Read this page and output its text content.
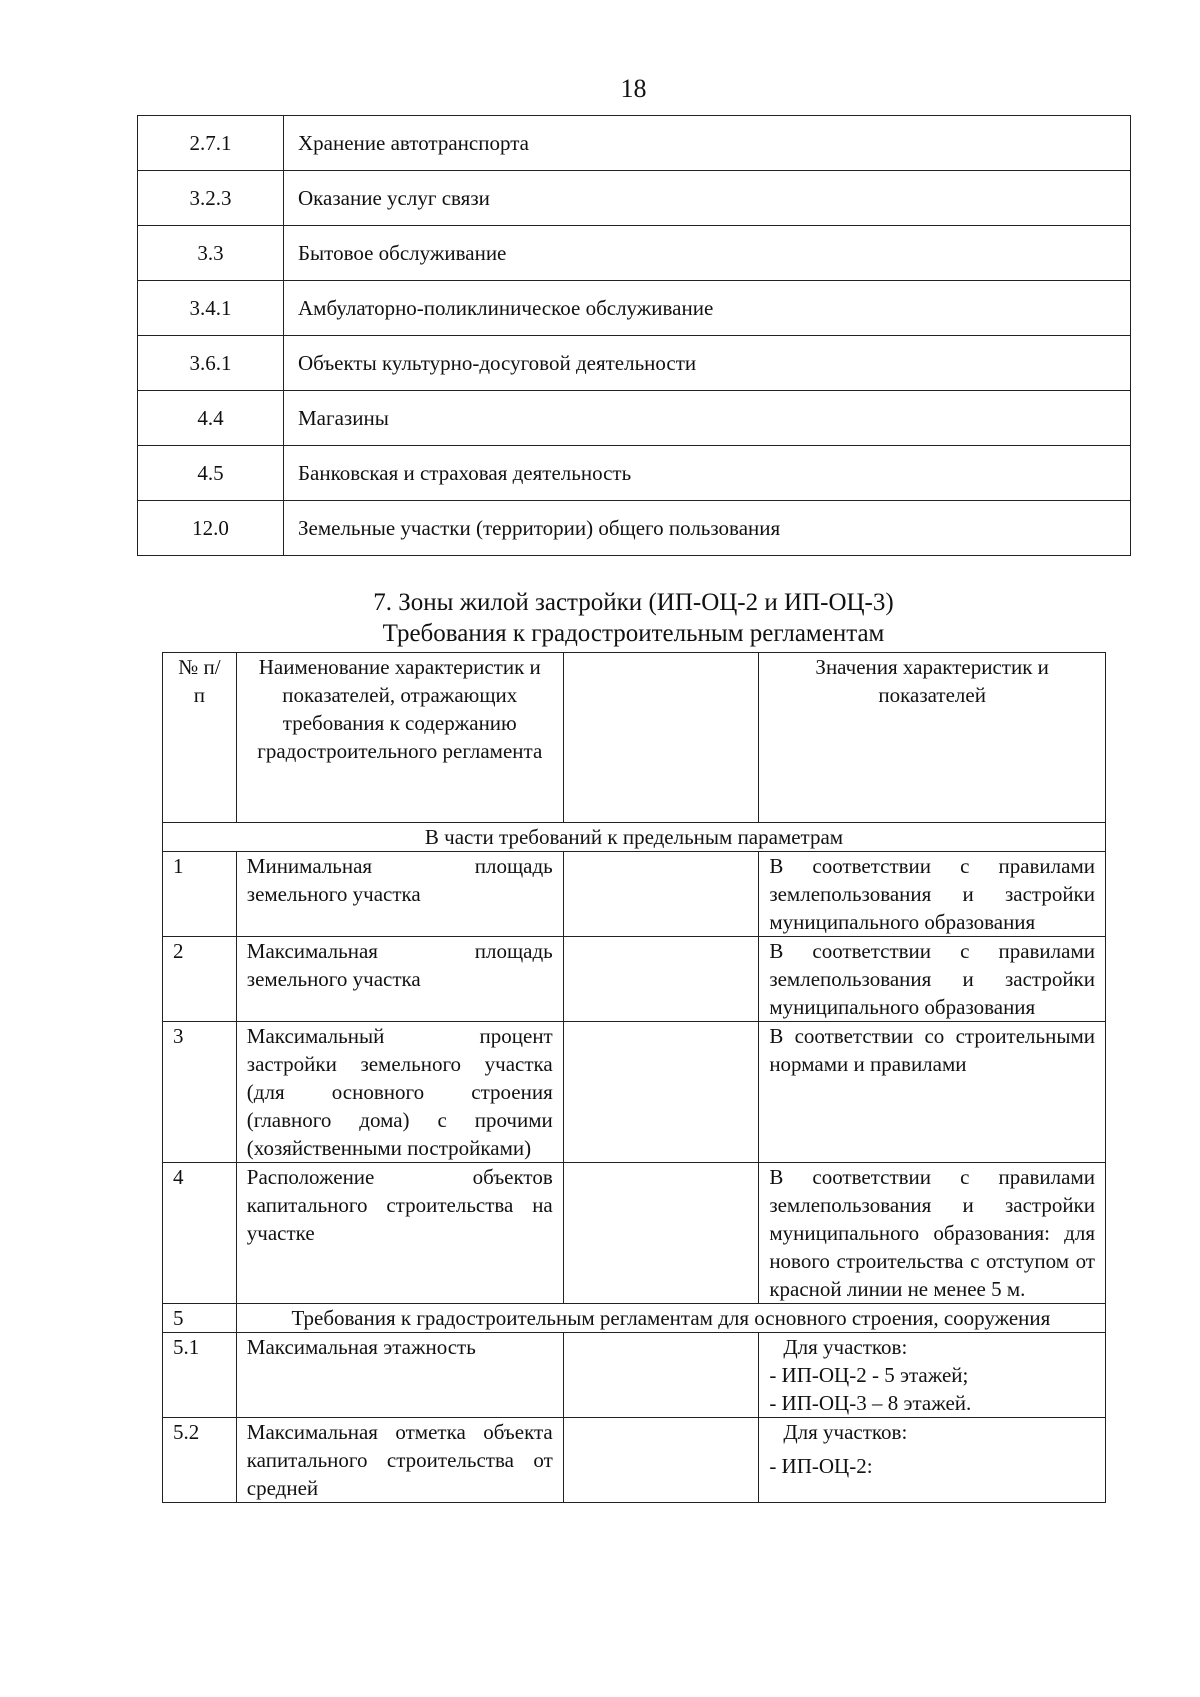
18
2.7.1	Хранение автотранспорта
3.2.3	Оказание услуг связи
3.3	Бытовое обслуживание
3.4.1	Амбулаторно-поликлиническое обслуживание
3.6.1	Объекты культурно-досуговой деятельности
4.4	Магазины
4.5	Банковская и страховая деятельность
12.0	Земельные участки (территории) общего пользования
7. Зоны жилой застройки (ИП-ОЦ-2 и ИП-ОЦ-3)
Требования к градостроительным регламентам
№ п/п	Наименование характеристик и показателей, отражающих требования к содержанию градостроительного регламента		Значения характеристик и показателей
В части требований к предельным параметрам			
1	Минимальная площадь земельного участка		В соответствии с правилами землепользования и застройки муниципального образования
2	Максимальная площадь земельного участка		В соответствии с правилами землепользования и застройки муниципального образования
3	Максимальный процент застройки земельного участка (для основного строения (главного дома) с прочими (хозяйственными постройками)		В соответствии со строительными нормами и правилами
4	Расположение объектов капитального строительства на участке		В соответствии с правилами землепользования и застройки муниципального образования: для нового строительства с отступом от красной линии не менее 5 м.
5	Требования к градостроительным регламентам для основного строения, сооружения		
5.1	Максимальная этажность		Для участков:
- ИП-ОЦ-2 - 5 этажей;
- ИП-ОЦ-3 – 8 этажей.

5.2	Максимальная отметка объекта капитального строительства от средней		Для участков:
- ИП-ОЦ-2:
